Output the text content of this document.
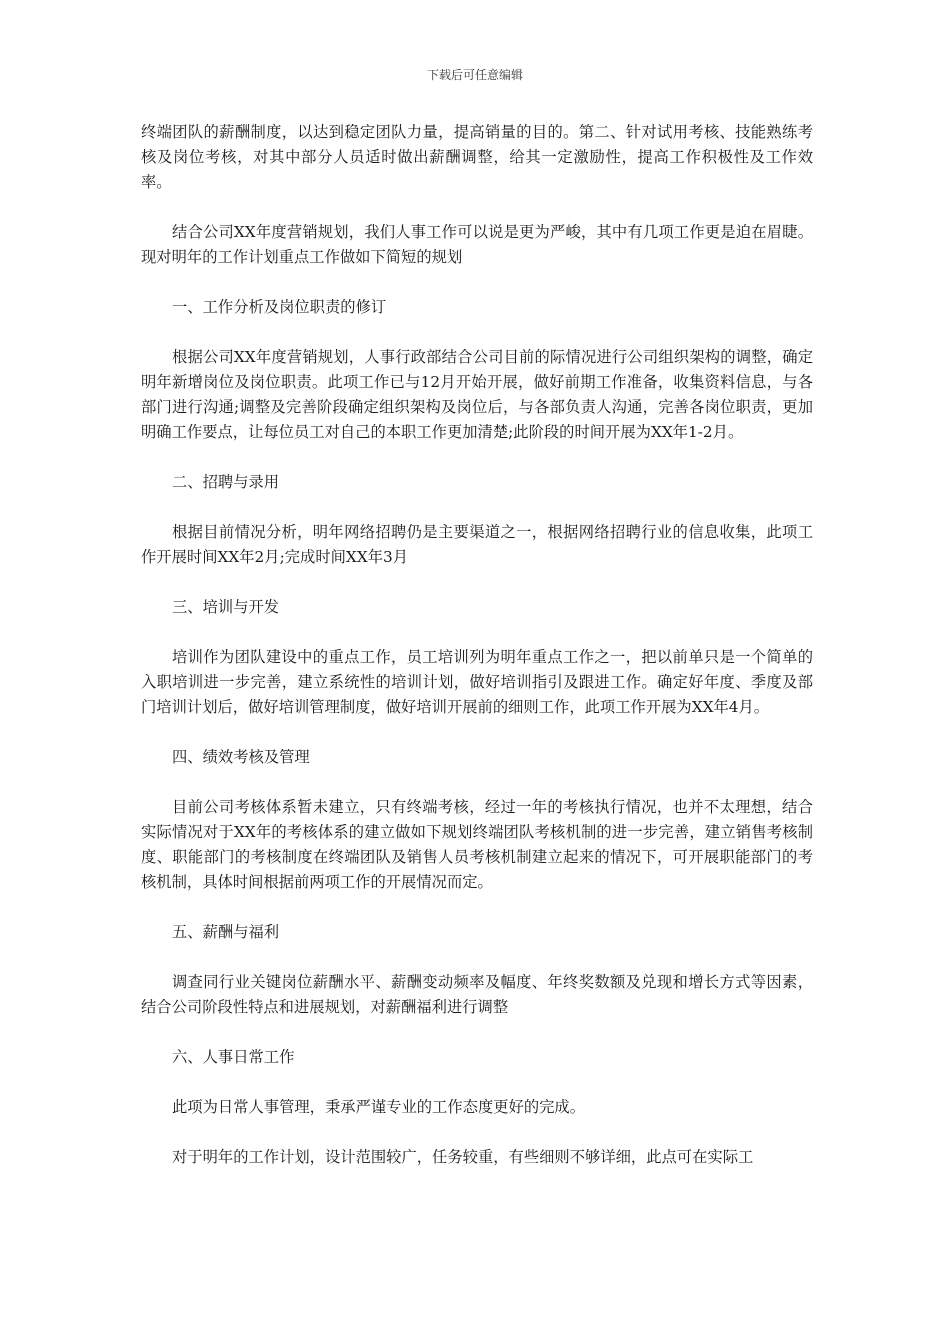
下载后可任意编辑

终端团队的薪酬制度，以达到稳定团队力量，提高销量的目的。第二、针对试用考核、技能熟练考核及岗位考核，对其中部分人员适时做出薪酬调整，给其一定激励性，提高工作积极性及工作效率。

结合公司XX年度营销规划，我们人事工作可以说是更为严峻，其中有几项工作更是迫在眉睫。现对明年的工作计划重点工作做如下简短的规划

一、工作分析及岗位职责的修订

根据公司XX年度营销规划，人事行政部结合公司目前的际情况进行公司组织架构的调整，确定明年新增岗位及岗位职责。此项工作已与12月开始开展，做好前期工作准备，收集资料信息，与各部门进行沟通;调整及完善阶段确定组织架构及岗位后，与各部负责人沟通，完善各岗位职责，更加明确工作要点，让每位员工对自己的本职工作更加清楚;此阶段的时间开展为XX年1-2月。

二、招聘与录用

根据目前情况分析，明年网络招聘仍是主要渠道之一，根据网络招聘行业的信息收集，此项工作开展时间XX年2月;完成时间XX年3月

三、培训与开发

培训作为团队建设中的重点工作，员工培训列为明年重点工作之一，把以前单只是一个简单的入职培训进一步完善，建立系统性的培训计划，做好培训指引及跟进工作。确定好年度、季度及部门培训计划后，做好培训管理制度，做好培训开展前的细则工作，此项工作开展为XX年4月。

四、绩效考核及管理

目前公司考核体系暂未建立，只有终端考核，经过一年的考核执行情况，也并不太理想，结合实际情况对于XX年的考核体系的建立做如下规划终端团队考核机制的进一步完善，建立销售考核制度、职能部门的考核制度在终端团队及销售人员考核机制建立起来的情况下，可开展职能部门的考核机制，具体时间根据前两项工作的开展情况而定。

五、薪酬与福利

调查同行业关键岗位薪酬水平、薪酬变动频率及幅度、年终奖数额及兑现和增长方式等因素，结合公司阶段性特点和进展规划，对薪酬福利进行调整

六、人事日常工作

此项为日常人事管理，秉承严谨专业的工作态度更好的完成。

对于明年的工作计划，设计范围较广，任务较重，有些细则不够详细，此点可在实际工
